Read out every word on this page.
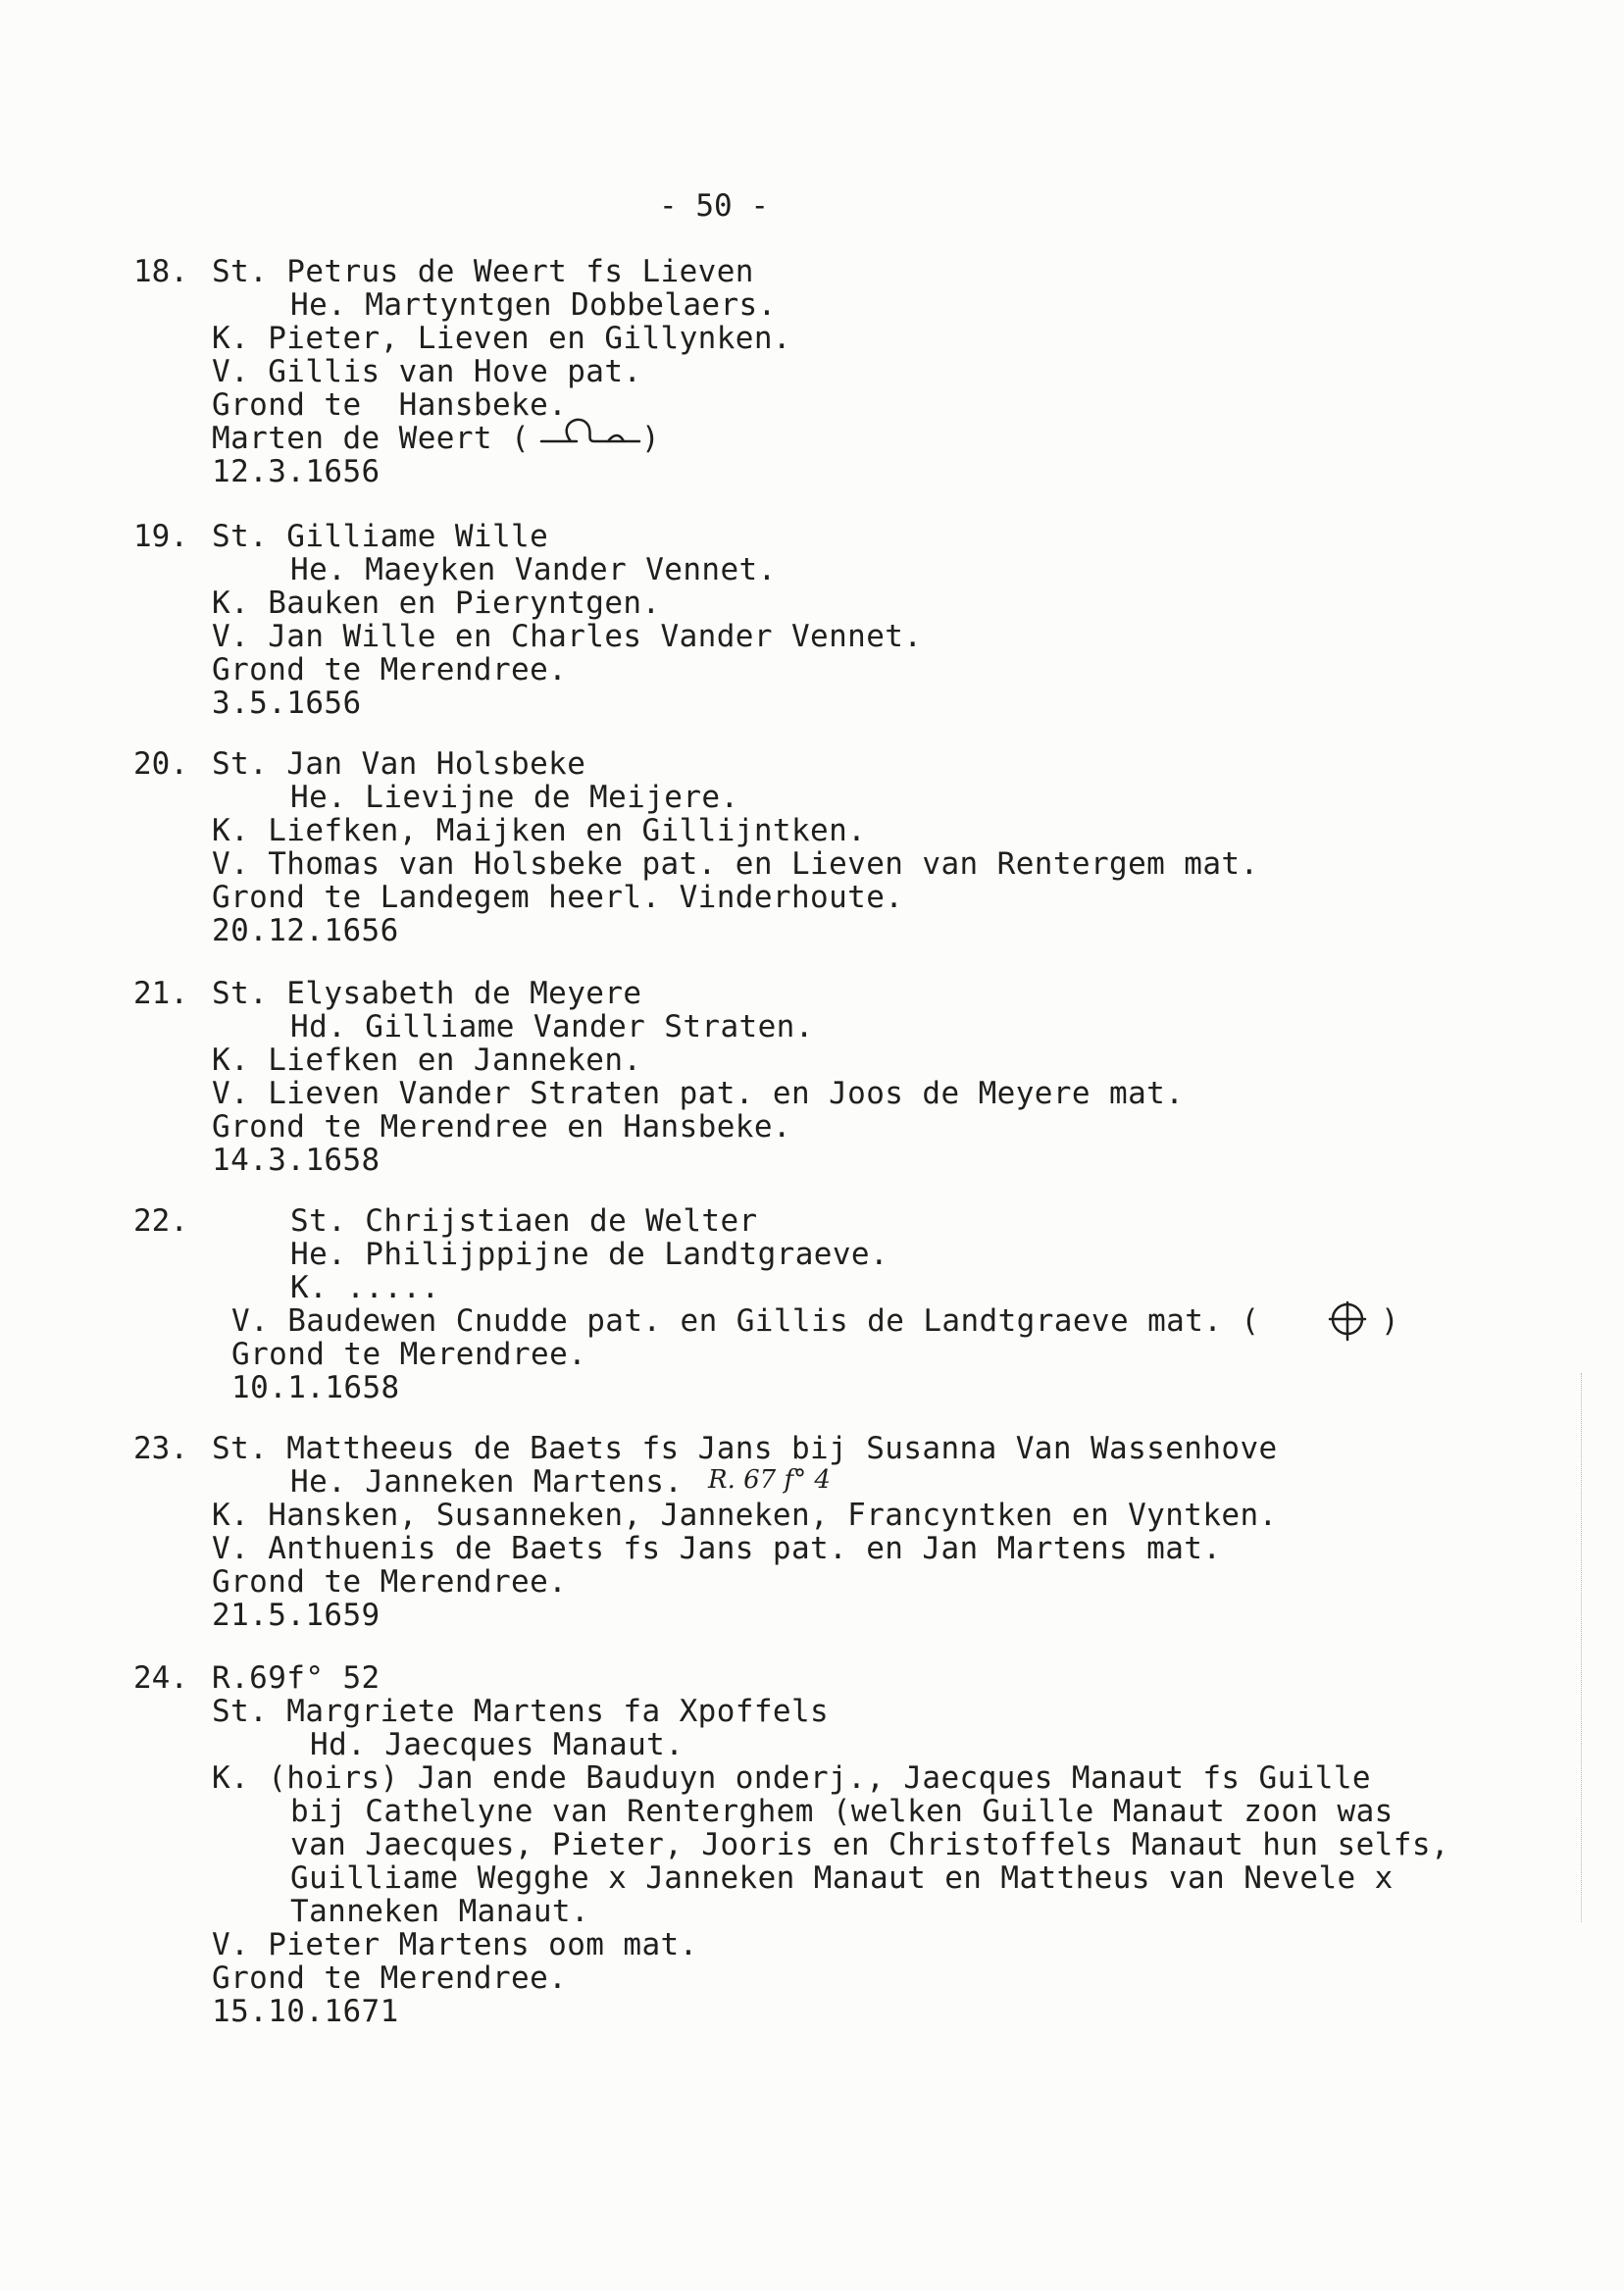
- 50 -
18. St. Petrus de Weert fs Lieven
He. Martyntgen Dobbelaers.
K. Pieter, Lieven en Gillynken.
V. Gillis van Hove pat.
Grond te  Hansbeke.
Marten de Weert (	)
12.3.1656
19. St. Gilliame Wille
He. Maeyken Vander Vennet.
K. Bauken en Pieryntgen.
V. Jan Wille en Charles Vander Vennet.
Grond te Merendree.
3.5.1656
20. St. Jan Van Holsbeke
He. Lievijne de Meijere.
K. Liefken, Maijken en Gillijntken.
V. Thomas van Holsbeke pat. en Lieven van Rentergem mat.
Grond te Landegem heerl. Vinderhoute.
20.12.1656
21. St. Elysabeth de Meyere
Hd. Gilliame Vander Straten.
K. Liefken en Janneken.
V. Lieven Vander Straten pat. en Joos de Meyere mat.
Grond te Merendree en Hansbeke.
14.3.1658
22.	St. Chrijstiaen de Welter
He. Philijppijne de Landtgraeve.
K. .....
V. Baudewen Cnudde pat. en Gillis de Landtgraeve mat. (	)
Grond te Merendree.
10.1.1658
23. St. Mattheeus de Baets fs Jans bij Susanna Van Wassenhove
He. Janneken Martens. R. 67 f° 4
K. Hansken, Susanneken, Janneken, Francyntken en Vyntken.
V. Anthuenis de Baets fs Jans pat. en Jan Martens mat.
Grond te Merendree.
21.5.1659
24. R.69f° 52
St. Margriete Martens fa Xpoffels
Hd. Jaecques Manaut.
K. (hoirs) Jan ende Bauduyn onderj., Jaecques Manaut fs Guille
bij Cathelyne van Renterghem (welken Guille Manaut zoon was
van Jaecques, Pieter, Jooris en Christoffels Manaut hun selfs,
Guilliame Wegghe x Janneken Manaut en Mattheus van Nevele x
Tanneken Manaut.
V. Pieter Martens oom mat.
Grond te Merendree.
15.10.1671
